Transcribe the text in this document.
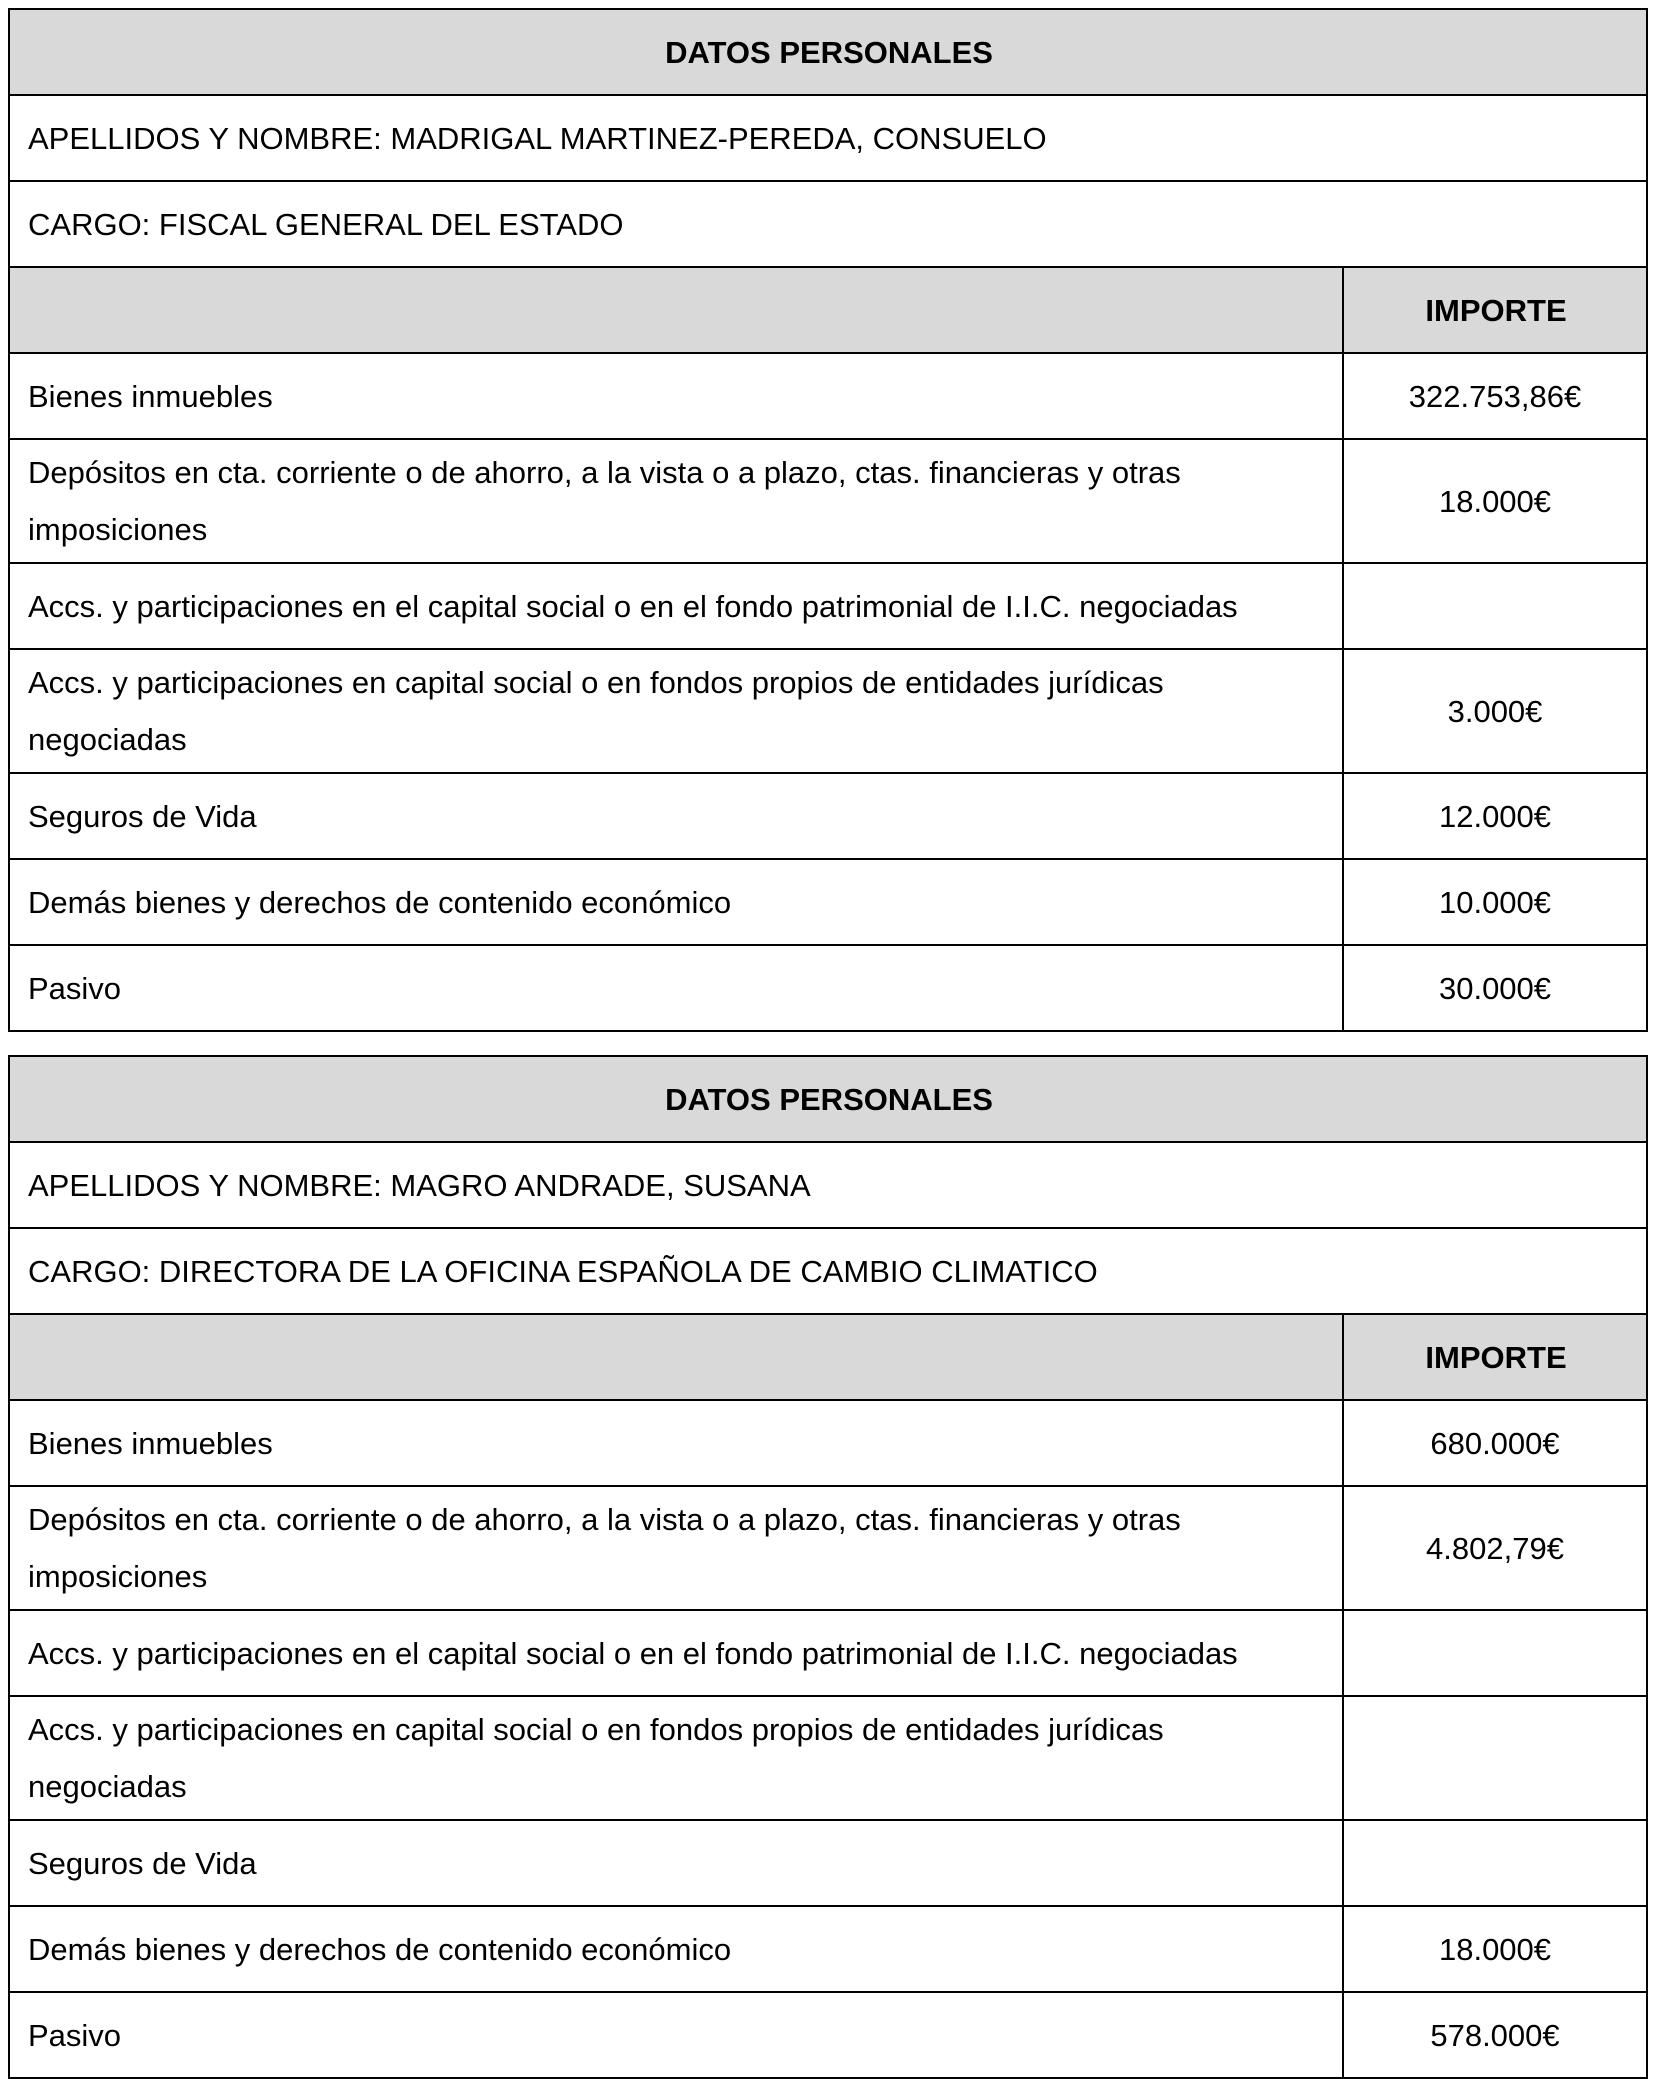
DATOS PERSONALES	
APELLIDOS Y NOMBRE: MADRIGAL MARTINEZ-PEREDA, CONSUELO	
CARGO: FISCAL GENERAL DEL ESTADO	
	IMPORTE
Bienes inmuebles	322.753,86€
Depósitos en cta. corriente o de ahorro, a la vista o a plazo, ctas. financieras y otras imposiciones	18.000€
Accs. y participaciones en el capital social o en el fondo patrimonial de I.I.C. negociadas	
Accs. y participaciones en capital social o en fondos propios de entidades jurídicas negociadas	3.000€
Seguros de Vida	12.000€
Demás bienes y derechos de contenido económico	10.000€
Pasivo	30.000€
DATOS PERSONALES	
APELLIDOS Y NOMBRE: MAGRO ANDRADE, SUSANA	
CARGO: DIRECTORA DE LA OFICINA ESPAÑOLA DE CAMBIO CLIMATICO	
	IMPORTE
Bienes inmuebles	680.000€
Depósitos en cta. corriente o de ahorro, a la vista o a plazo, ctas. financieras y otras imposiciones	4.802,79€
Accs. y participaciones en el capital social o en el fondo patrimonial de I.I.C. negociadas	
Accs. y participaciones en capital social o en fondos propios de entidades jurídicas negociadas	
Seguros de Vida	
Demás bienes y derechos de contenido económico	18.000€
Pasivo	578.000€
